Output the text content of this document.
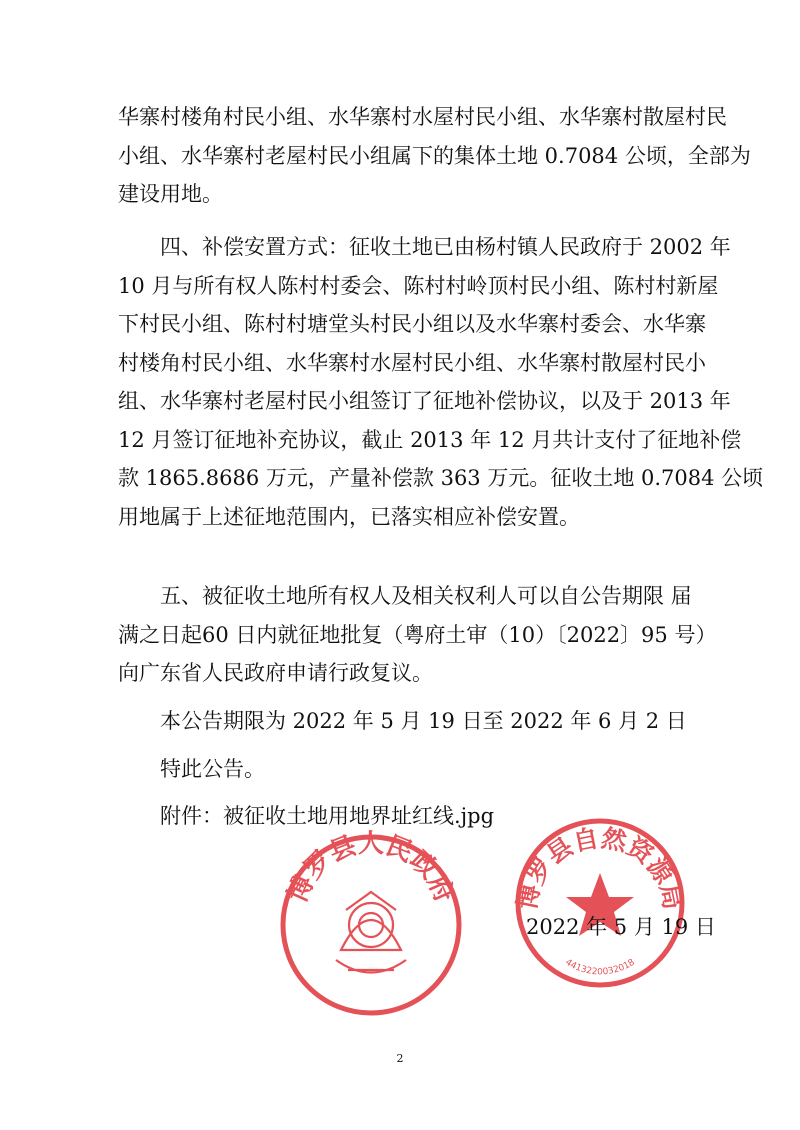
华寨村楼角村民小组、水华寨村水屋村民小组、水华寨村散屋村民
小组、水华寨村老屋村民小组属下的集体土地 0.7084 公顷，全部为
建设用地。
四、补偿安置方式：征收土地已由杨村镇人民政府于 2002 年
10 月与所有权人陈村村委会、陈村村岭顶村民小组、陈村村新屋
下村民小组、陈村村塘堂头村民小组以及水华寨村委会、水华寨
村楼角村民小组、水华寨村水屋村民小组、水华寨村散屋村民小
组、水华寨村老屋村民小组签订了征地补偿协议，以及于 2013 年
12 月签订征地补充协议，截止 2013 年 12 月共计支付了征地补偿
款 1865.8686 万元，产量补偿款 363 万元。征收土地 0.7084 公顷
用地属于上述征地范围内，已落实相应补偿安置。
五、被征收土地所有权人及相关权利人可以自公告期限 届
满之日起60 日内就征地批复（粤府土审（10）〔2022〕95 号）
向广东省人民政府申请行政复议。
本公告期限为 2022 年 5 月 19 日至 2022 年 6 月 2 日
特此公告。
附件：被征收土地用地界址红线.jpg
博罗县人民政府 博罗县自然资源局
4413220032018
2022 年 5 月 19 日
2
